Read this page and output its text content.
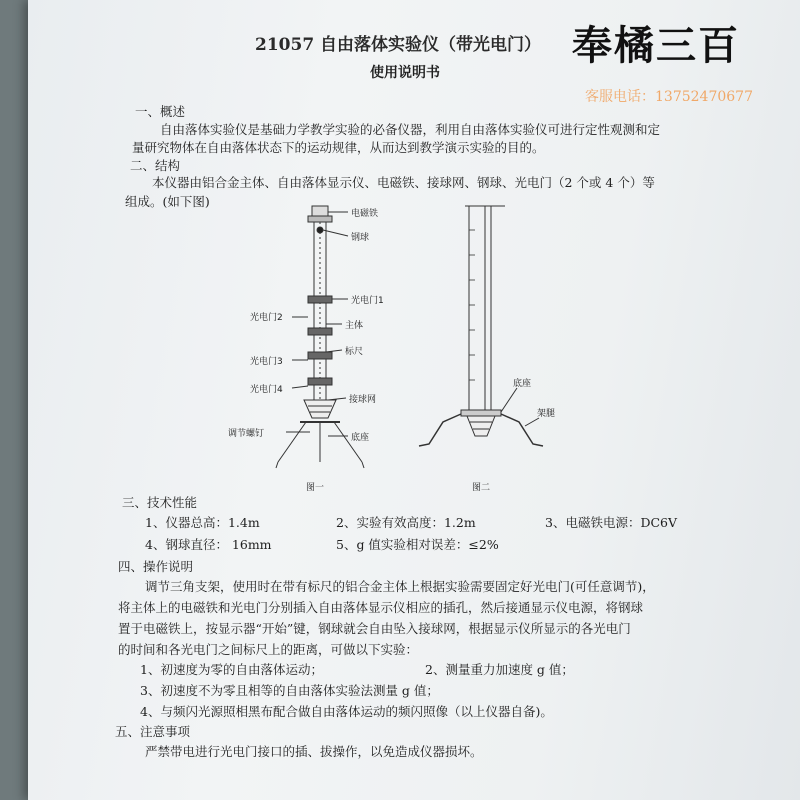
21057 自由落体实验仪（带光电门）
使用说明书
奉橘三百
客服电话：13752470677
一、概述
自由落体实验仪是基础力学教学实验的必备仪器，利用自由落体实验仪可进行定性观测和定
量研究物体在自由落体状态下的运动规律，从而达到教学演示实验的目的。
二、结构
本仪器由铝合金主体、自由落体显示仪、电磁铁、接球网、钢球、光电门（2 个或 4 个）等
组成。(如下图)
电磁铁
钢球
光电门1
光电门2
主体
标尺
光电门3
光电门4
接球网
调节螺钉	底座
图一
底座
架腿
图二
三、技术性能
1、仪器总高：1.4m	2、实验有效高度：1.2m	3、电磁铁电源：DC6V
4、钢球直径： 16mm	5、g 值实验相对误差：≤2%
四、操作说明
调节三角支架，使用时在带有标尺的铝合金主体上根据实验需要固定好光电门(可任意调节)，
将主体上的电磁铁和光电门分别插入自由落体显示仪相应的插孔，然后接通显示仪电源，将钢球
置于电磁铁上，按显示器“开始”键，钢球就会自由坠入接球网，根据显示仪所显示的各光电门
的时间和各光电门之间标尺上的距离，可做以下实验：
1、初速度为零的自由落体运动；	2、测量重力加速度 g 值；
3、初速度不为零且相等的自由落体实验法测量 g 值；
4、与频闪光源照相黑布配合做自由落体运动的频闪照像（以上仪器自备)。
五、注意事项
严禁带电进行光电门接口的插、拔操作，以免造成仪器损坏。
